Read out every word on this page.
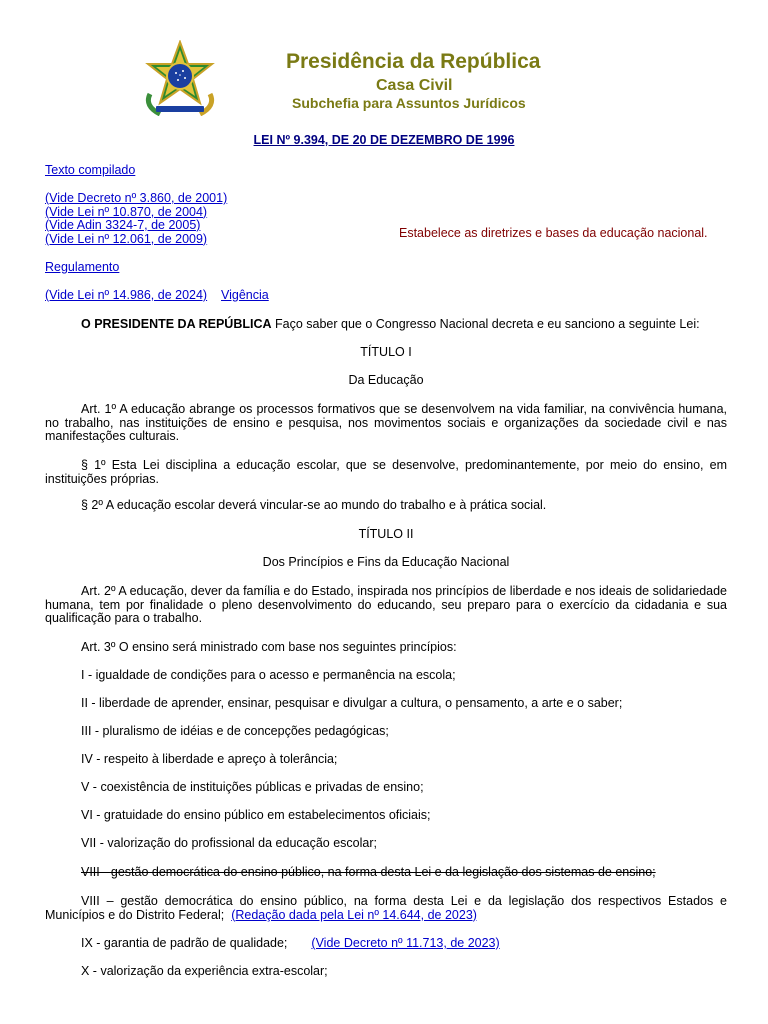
Presidência da República
Casa Civil
Subchefia para Assuntos Jurídicos
LEI Nº 9.394, DE 20 DE DEZEMBRO DE 1996
Texto compilado
(Vide Decreto nº 3.860, de 2001)
(Vide Lei nº 10.870, de 2004)
(Vide Adin 3324-7, de 2005)
(Vide Lei nº 12.061, de 2009)	Estabelece as diretrizes e bases da educação nacional.
Regulamento
(Vide Lei nº 14.986, de 2024) Vigência
O PRESIDENTE DA REPÚBLICA Faço saber que o Congresso Nacional decreta e eu sanciono a seguinte Lei:
TÍTULO I
Da Educação
Art. 1º A educação abrange os processos formativos que se desenvolvem na vida familiar, na convivência humana, no trabalho, nas instituições de ensino e pesquisa, nos movimentos sociais e organizações da sociedade civil e nas manifestações culturais.
§ 1º Esta Lei disciplina a educação escolar, que se desenvolve, predominantemente, por meio do ensino, em instituições próprias.
§ 2º A educação escolar deverá vincular-se ao mundo do trabalho e à prática social.
TÍTULO II
Dos Princípios e Fins da Educação Nacional
Art. 2º A educação, dever da família e do Estado, inspirada nos princípios de liberdade e nos ideais de solidariedade humana, tem por finalidade o pleno desenvolvimento do educando, seu preparo para o exercício da cidadania e sua qualificação para o trabalho.
Art. 3º O ensino será ministrado com base nos seguintes princípios:
I - igualdade de condições para o acesso e permanência na escola;
II - liberdade de aprender, ensinar, pesquisar e divulgar a cultura, o pensamento, a arte e o saber;
III - pluralismo de idéias e de concepções pedagógicas;
IV - respeito à liberdade e apreço à tolerância;
V - coexistência de instituições públicas e privadas de ensino;
VI - gratuidade do ensino público em estabelecimentos oficiais;
VII - valorização do profissional da educação escolar;
VIII - gestão democrática do ensino público, na forma desta Lei e da legislação dos sistemas de ensino;
VIII – gestão democrática do ensino público, na forma desta Lei e da legislação dos respectivos Estados e Municípios e do Distrito Federal; (Redação dada pela Lei nº 14.644, de 2023)
IX - garantia de padrão de qualidade; (Vide Decreto nº 11.713, de 2023)
X - valorização da experiência extra-escolar;
